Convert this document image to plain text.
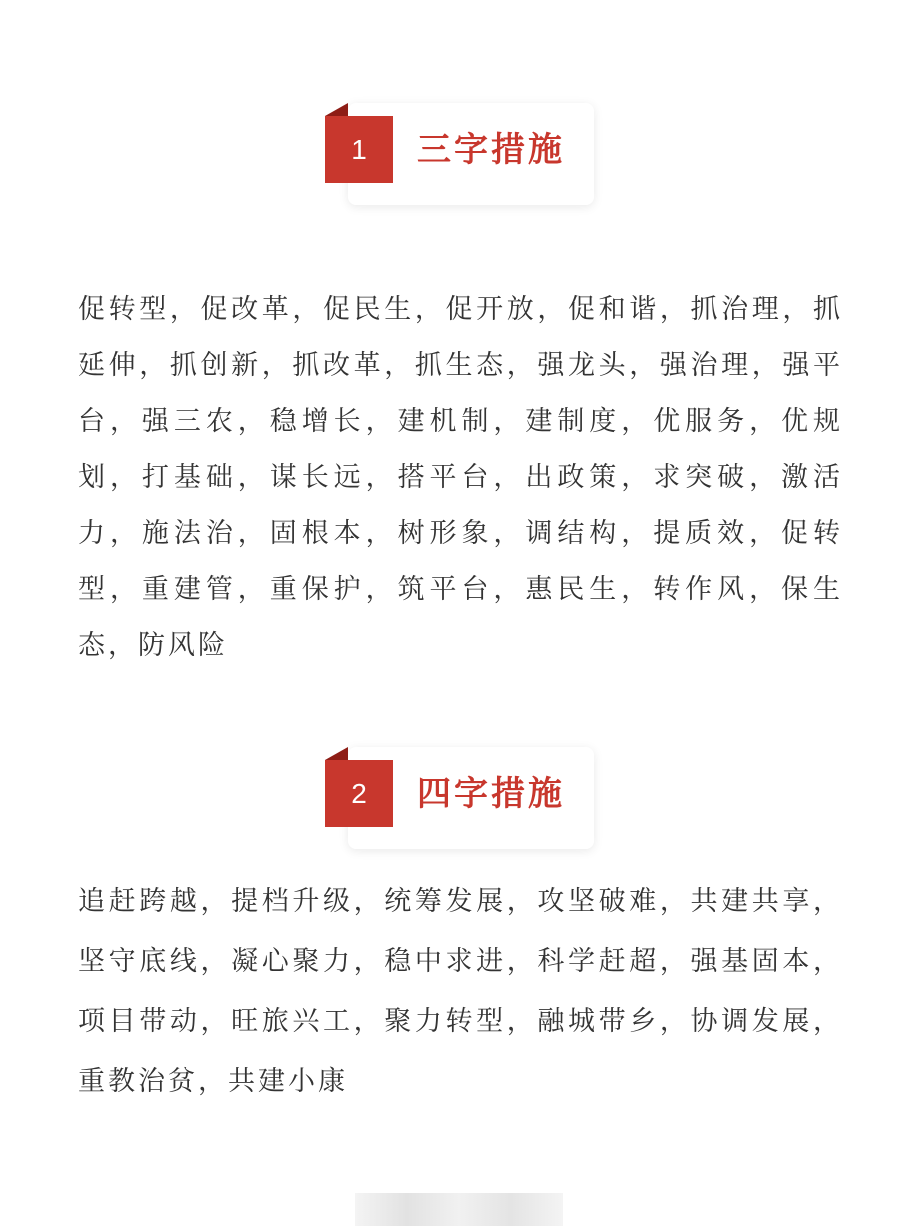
1	三字措施

促转型，促改革，促民生，促开放，促和谐，抓治理，抓延伸，抓创新，抓改革，抓生态，强龙头，强治理，强平台，强三农，稳增长，建机制，建制度，优服务，优规划，打基础，谋长远，搭平台，出政策，求突破，激活力，施法治，固根本，树形象，调结构，提质效，促转型，重建管，重保护，筑平台，惠民生，转作风，保生态，防风险

2	四字措施

追赶跨越，提档升级，统筹发展，攻坚破难，共建共享，坚守底线，凝心聚力，稳中求进，科学赶超，强基固本，项目带动，旺旅兴工，聚力转型，融城带乡，协调发展，重教治贫，共建小康
